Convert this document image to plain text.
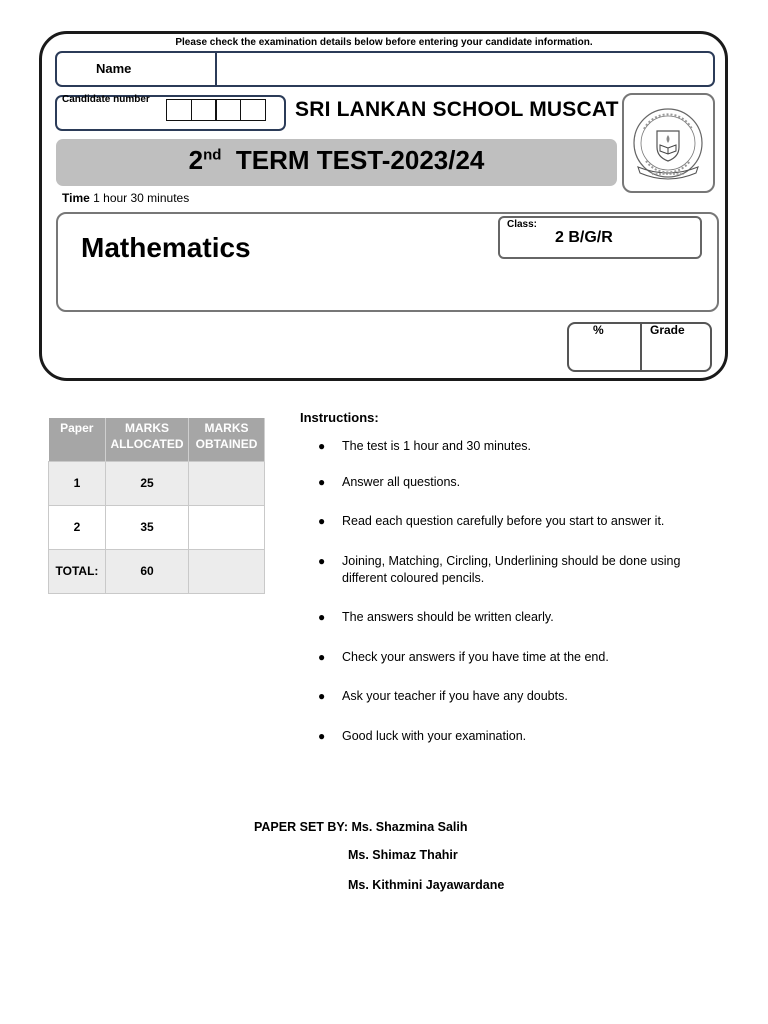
Please check the examination details below before entering your candidate information.
Name
Candidate number	SRI LANKAN SCHOOL MUSCAT
2nd TERM TEST-2023/24
Time 1 hour 30 minutes
Mathematics
Class:
2 B/G/R
%	Grade
Paper	MARKS ALLOCATED	MARKS OBTAINED
1	25	
2	35	
TOTAL:	60	
Instructions:
● The test is 1 hour and 30 minutes.
● Answer all questions.
● Read each question carefully before you start to answer it.
● Joining, Matching, Circling, Underlining should be done using different coloured pencils.
● The answers should be written clearly.
● Check your answers if you have time at the end.
● Ask your teacher if you have any doubts.
● Good luck with your examination.
PAPER SET BY: Ms. Shazmina Salih
Ms. Shimaz Thahir
Ms. Kithmini Jayawardane
